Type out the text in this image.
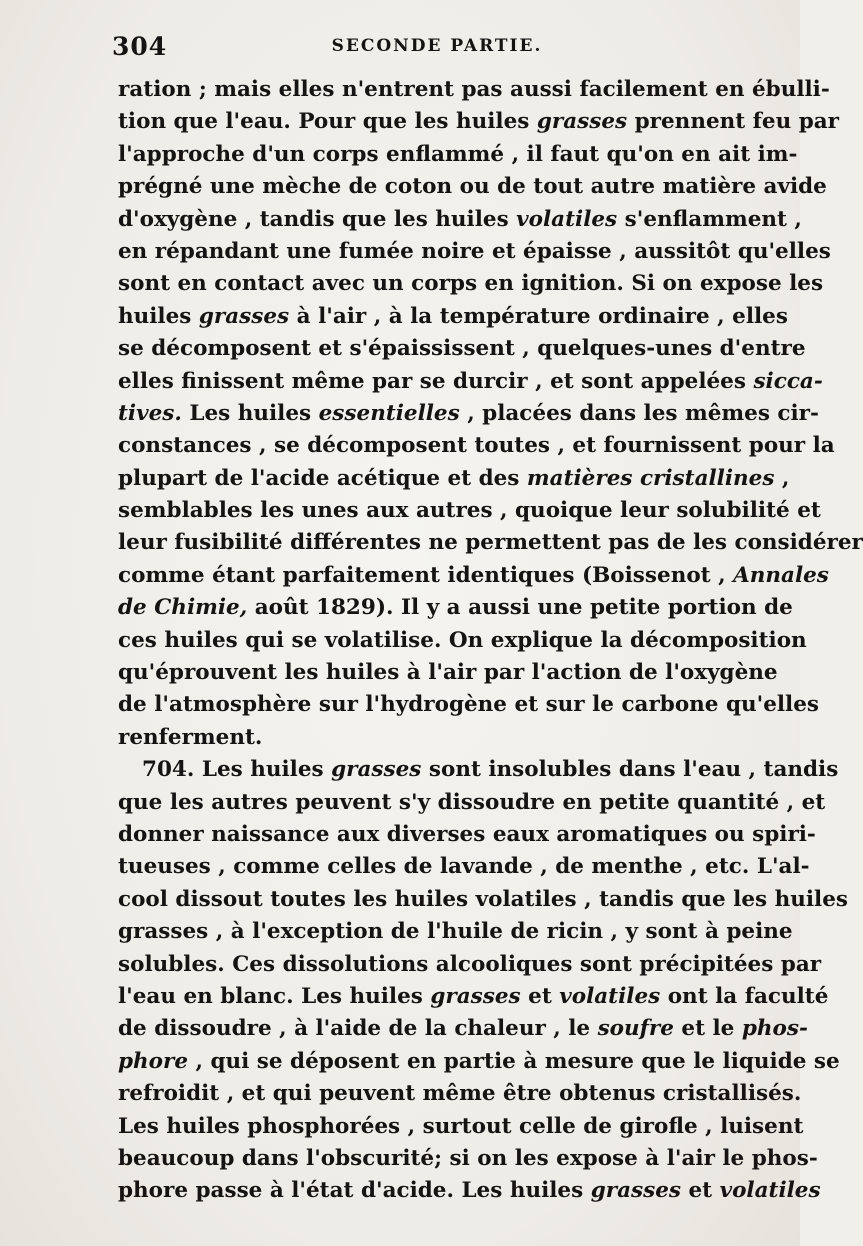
304	SECONDE PARTIE.
ration ; mais elles n'entrent pas aussi facilement en ébulli-
tion que l'eau. Pour que les huiles grasses prennent feu par
l'approche d'un corps enflammé , il faut qu'on en ait im-
prégné une mèche de coton ou de tout autre matière avide
d'oxygène , tandis que les huiles volatiles s'enflamment ,
en répandant une fumée noire et épaisse , aussitôt qu'elles
sont en contact avec un corps en ignition. Si on expose les
huiles grasses à l'air , à la température ordinaire , elles
se décomposent et s'épaississent , quelques-unes d'entre
elles finissent même par se durcir , et sont appelées sicca-
tives. Les huiles essentielles , placées dans les mêmes cir-
constances , se décomposent toutes , et fournissent pour la
plupart de l'acide acétique et des matières cristallines ,
semblables les unes aux autres , quoique leur solubilité et
leur fusibilité différentes ne permettent pas de les considérer
comme étant parfaitement identiques (Boissenot , Annales
de Chimie, août 1829). Il y a aussi une petite portion de
ces huiles qui se volatilise. On explique la décomposition
qu'éprouvent les huiles à l'air par l'action de l'oxygène
de l'atmosphère sur l'hydrogène et sur le carbone qu'elles
renferment.
704. Les huiles grasses sont insolubles dans l'eau , tandis
que les autres peuvent s'y dissoudre en petite quantité , et
donner naissance aux diverses eaux aromatiques ou spiri-
tueuses , comme celles de lavande , de menthe , etc. L'al-
cool dissout toutes les huiles volatiles , tandis que les huiles
grasses , à l'exception de l'huile de ricin , y sont à peine
solubles. Ces dissolutions alcooliques sont précipitées par
l'eau en blanc. Les huiles grasses et volatiles ont la faculté
de dissoudre , à l'aide de la chaleur , le soufre et le phos-
phore , qui se déposent en partie à mesure que le liquide se
refroidit , et qui peuvent même être obtenus cristallisés.
Les huiles phosphorées , surtout celle de girofle , luisent
beaucoup dans l'obscurité; si on les expose à l'air le phos-
phore passe à l'état d'acide. Les huiles grasses et volatiles
